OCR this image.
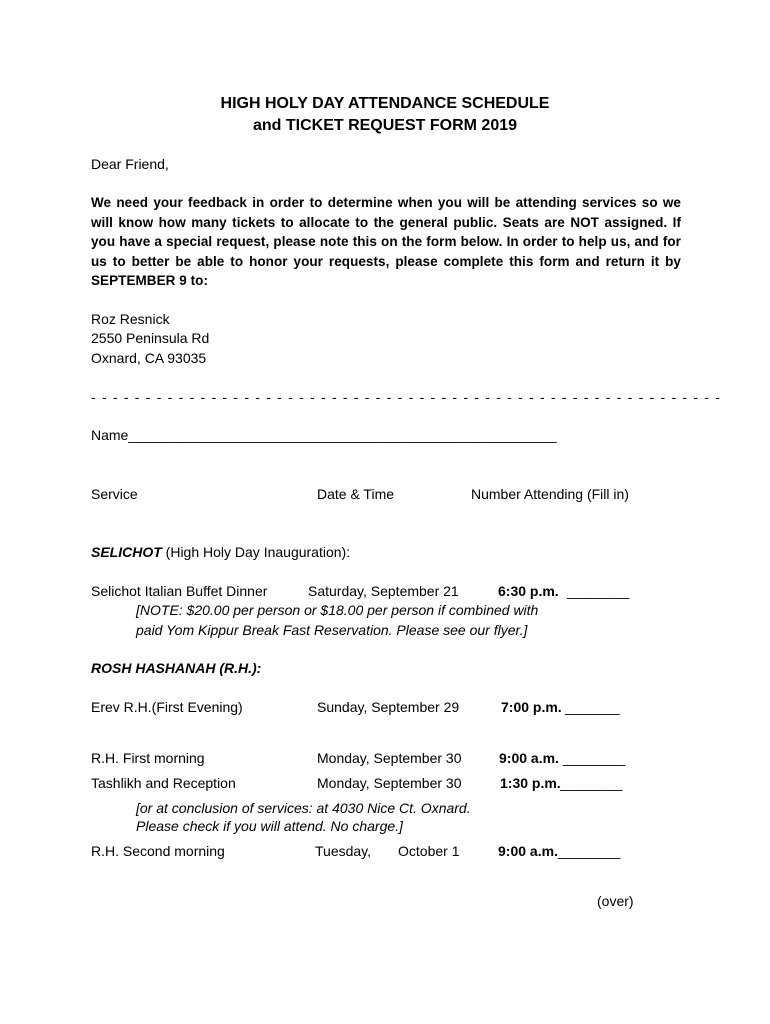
HIGH HOLY DAY ATTENDANCE SCHEDULE
and TICKET REQUEST FORM 2019
Dear Friend,
We need your feedback in order to determine when you will be attending services so we will know how many tickets to allocate to the general public. Seats are NOT assigned. If you have a special request, please note this on the form below. In order to help us, and for us to better be able to honor your requests, please complete this form and return it by SEPTEMBER 9 to:
Roz Resnick
2550 Peninsula Rd
Oxnard, CA 93035
- - - - - - - - - - - - - - - - - - - - - - - - - - - - - - - - - - - - - - - - - - - - - - - - - - - - - - - - - -
Name_______________________________________________________
Service	Date & Time	Number Attending (Fill in)
SELICHOT (High Holy Day Inauguration):
Selichot Italian Buffet Dinner	Saturday, September 21	6:30 p.m. ________
[NOTE: $20.00 per person or $18.00 per person if combined with
paid Yom Kippur Break Fast Reservation. Please see our flyer.]
ROSH HASHANAH (R.H.):
Erev R.H.(First Evening)	Sunday, September 29	7:00 p.m. _______
R.H. First morning	Monday, September 30	9:00 a.m. ________
Tashlikh and Reception	Monday, September 30	1:30 p.m. ________
[or at conclusion of services: at 4030 Nice Ct. Oxnard.
Please check if you will attend. No charge.]
R.H. Second morning	Tuesday, October 1	9:00 a.m. ________
(over)
